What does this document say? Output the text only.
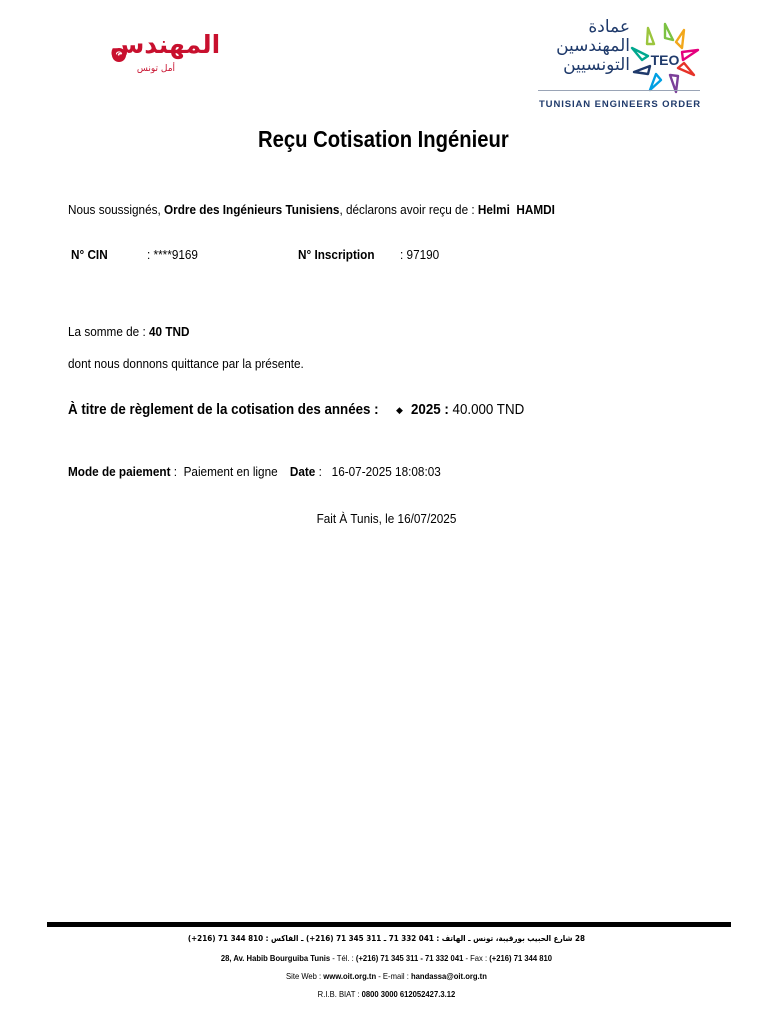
المهندس
أمل تونس
عمادة
المهندسين
التونسيين TEO
TUNISIAN ENGINEERS ORDER
Reçu Cotisation Ingénieur
Nous soussignés, Ordre des Ingénieurs Tunisiens, déclarons avoir reçu de : Helmi  HAMDI
N° CIN	: ****9169	N° Inscription : 97190
La somme de : 40 TND
dont nous donnons quittance par la présente.
À titre de règlement de la cotisation des années : ◆ 2025 : 40.000 TND
Mode de paiement :  Paiement en ligne Date :   16-07-2025 18:08:03
Fait À Tunis, le 16/07/2025
28 شارع الحبيب بورقيبة، تونس ـ الهاتف : 041 332 71 ـ 311 345 71 (216+) ـ الفاكس : 810 344 71 (216+)
28, Av. Habib Bourguiba Tunis - Tél. : (+216) 71 345 311 - 71 332 041 - Fax : (+216) 71 344 810
Site Web : www.oit.org.tn - E-mail : handassa@oit.org.tn
R.I.B. BIAT : 0800 3000 612052427.3.12
